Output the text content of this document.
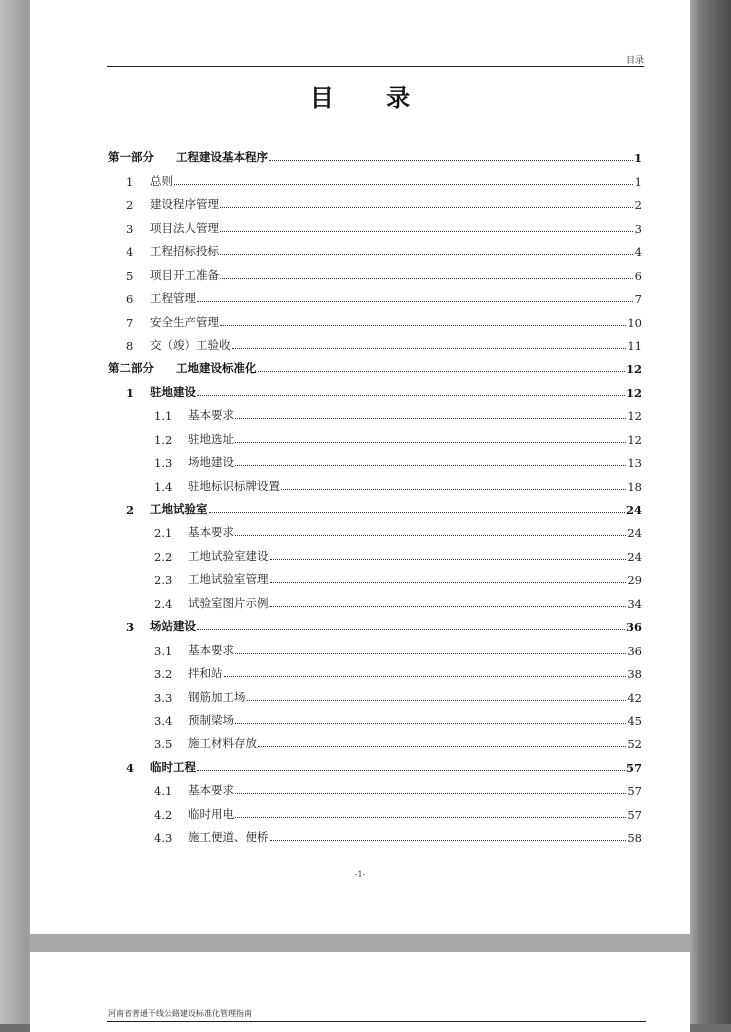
目录
目 录
第一部分	工程建设基本程序	1
1	总则	1
2	建设程序管理	2
3	项目法人管理	3
4	工程招标投标	4
5	项目开工准备	6
6	工程管理	7
7	安全生产管理	10
8	交（竣）工验收	11
第二部分	工地建设标准化	12
1	驻地建设	12
1.1	基本要求	12
1.2	驻地选址	12
1.3	场地建设	13
1.4	驻地标识标牌设置	18
2	工地试验室	24
2.1	基本要求	24
2.2	工地试验室建设	24
2.3	工地试验室管理	29
2.4	试验室图片示例	34
3	场站建设	36
3.1	基本要求	36
3.2	拌和站	38
3.3	钢筋加工场	42
3.4	预制梁场	45
3.5	施工材料存放	52
4	临时工程	57
4.1	基本要求	57
4.2	临时用电	57
4.3	施工便道、便桥	58
-1-
河南省普通干线公路建设标准化管理指南
